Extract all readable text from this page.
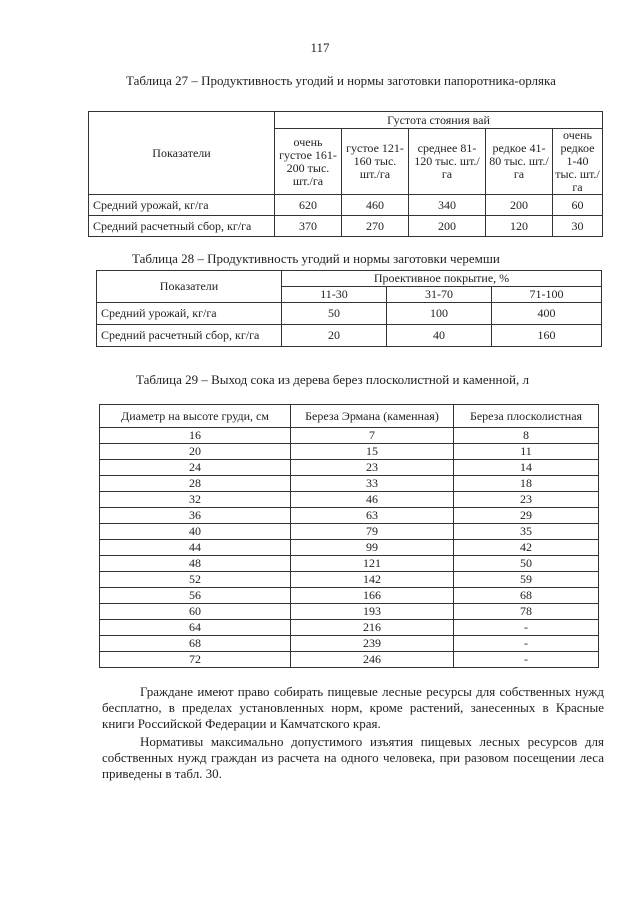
117
Таблица 27 – Продуктивность угодий и нормы заготовки папоротника-орляка
Показатели	Густота стояния вай				
	очень густое 161-200 тыс. шт./га	густое 121-160 тыс. шт./га	среднее 81-120 тыс. шт./га	редкое 41-80 тыс. шт./га	очень редкое 1-40 тыс. шт./га
Средний урожай, кг/га	620	460	340	200	60
Средний расчетный сбор, кг/га	370	270	200	120	30
Таблица 28 – Продуктивность угодий и нормы заготовки черемши
Показатели	Проективное покрытие, %		
	11-30	31-70	71-100
Средний урожай, кг/га	50	100	400
Средний расчетный сбор, кг/га	20	40	160
Таблица 29 – Выход сока из дерева берез плосколистной и каменной, л
Диаметр на высоте груди, см	Береза Эрмана (каменная)	Береза плосколистная
16	7	8
20	15	11
24	23	14
28	33	18
32	46	23
36	63	29
40	79	35
44	99	42
48	121	50
52	142	59
56	166	68
60	193	78
64	216	-
68	239	-
72	246	-
Граждане имеют право собирать пищевые лесные ресурсы для собственных нужд бесплатно, в пределах установленных норм, кроме растений, занесенных в Красные книги Российской Федерации и Камчатского края.
Нормативы максимально допустимого изъятия пищевых лесных ресурсов для собственных нужд граждан из расчета на одного человека, при разовом посещении леса приведены в табл. 30.
